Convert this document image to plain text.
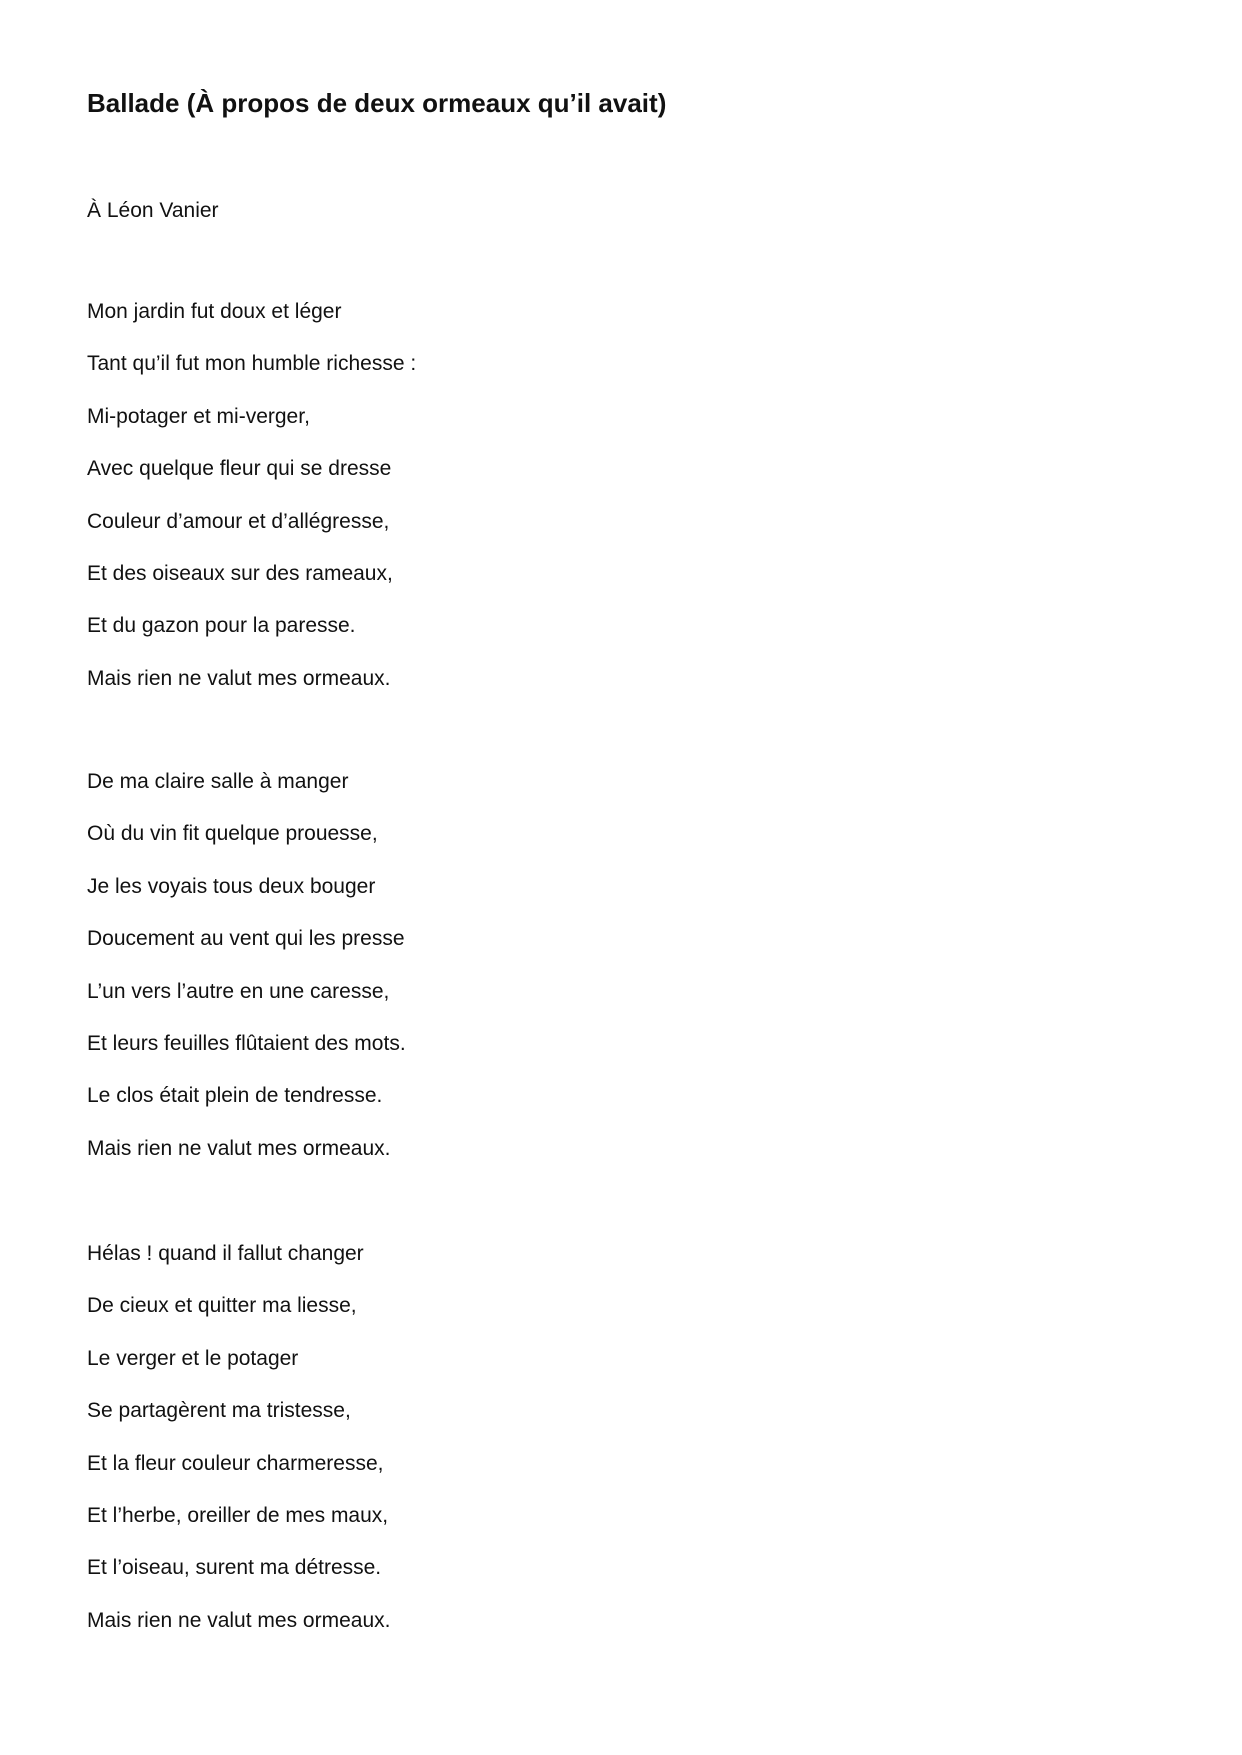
Ballade (À propos de deux ormeaux qu’il avait)
À Léon Vanier
Mon jardin fut doux et léger
Tant qu’il fut mon humble richesse :
Mi-potager et mi-verger,
Avec quelque fleur qui se dresse
Couleur d’amour et d’allégresse,
Et des oiseaux sur des rameaux,
Et du gazon pour la paresse.
Mais rien ne valut mes ormeaux.
De ma claire salle à manger
Où du vin fit quelque prouesse,
Je les voyais tous deux bouger
Doucement au vent qui les presse
L’un vers l’autre en une caresse,
Et leurs feuilles flûtaient des mots.
Le clos était plein de tendresse.
Mais rien ne valut mes ormeaux.
Hélas ! quand il fallut changer
De cieux et quitter ma liesse,
Le verger et le potager
Se partagèrent ma tristesse,
Et la fleur couleur charmeresse,
Et l’herbe, oreiller de mes maux,
Et l’oiseau, surent ma détresse.
Mais rien ne valut mes ormeaux.
